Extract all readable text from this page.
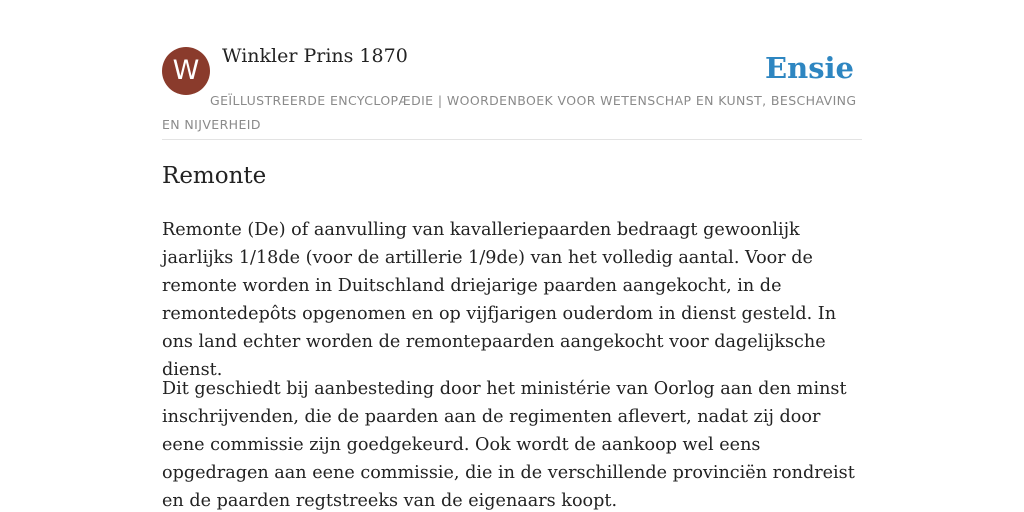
W	Winkler Prins 1870	Ensie
GEÏLLUSTREERDE ENCYCLOPÆDIE | WOORDENBOEK VOOR WETENSCHAP EN KUNST, BESCHAVING EN NIJVERHEID
Remonte

Remonte (De) of aanvulling van kavalleriepaarden bedraagt gewoonlijk jaarlijks 1/18de (voor de artillerie 1/9de) van het volledig aantal. Voor de remonte worden in Duitschland driejarige paarden aangekocht, in de remontedepôts opgenomen en op vijfjarigen ouderdom in dienst gesteld. In ons land echter worden de remontepaarden aangekocht voor dagelijksche dienst.

Dit geschiedt bij aanbesteding door het ministérie van Oorlog aan den minst inschrijvenden, die de paarden aan de regimenten aflevert, nadat zij door eene commissie zijn goedgekeurd. Ook wordt de aankoop wel eens opgedragen aan eene commissie, die in de verschillende provinciën rondreist en de paarden regtstreeks van de eigenaars koopt.
